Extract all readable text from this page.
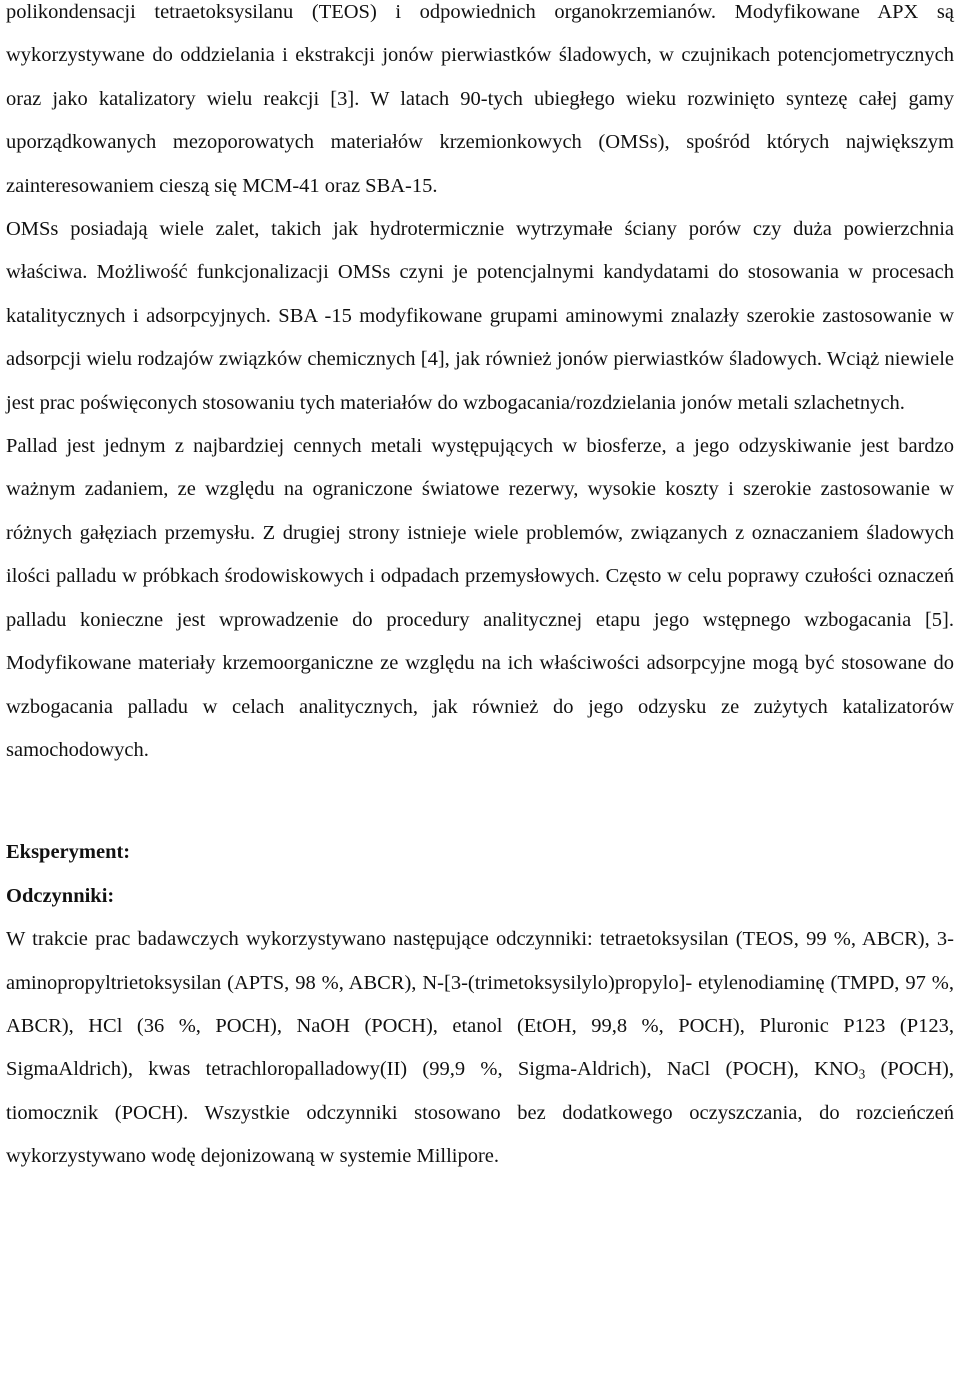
polikondensacji tetraetoksysilanu (TEOS) i odpowiednich organokrzemianów. Modyfikowane APX są wykorzystywane do oddzielania i ekstrakcji jonów pierwiastków śladowych, w czujnikach potencjometrycznych oraz jako katalizatory wielu reakcji [3]. W latach 90-tych ubiegłego wieku rozwinięto syntezę całej gamy uporządkowanych mezoporowatych materiałów krzemionkowych (OMSs), spośród których największym zainteresowaniem cieszą się MCM-41 oraz SBA-15.

OMSs posiadają wiele zalet, takich jak hydrotermicznie wytrzymałe ściany porów czy duża powierzchnia właściwa. Możliwość funkcjonalizacji OMSs czyni je potencjalnymi kandydatami do stosowania w procesach katalitycznych i adsorpcyjnych. SBA -15 modyfikowane grupami aminowymi znalazły szerokie zastosowanie w adsorpcji wielu rodzajów związków chemicznych [4], jak również jonów pierwiastków śladowych. Wciąż niewiele jest prac poświęconych stosowaniu tych materiałów do wzbogacania/rozdzielania jonów metali szlachetnych.

Pallad jest jednym z najbardziej cennych metali występujących w biosferze, a jego odzyskiwanie jest bardzo ważnym zadaniem, ze względu na ograniczone światowe rezerwy, wysokie koszty i szerokie zastosowanie w różnych gałęziach przemysłu. Z drugiej strony istnieje wiele problemów, związanych z oznaczaniem śladowych ilości palladu w próbkach środowiskowych i odpadach przemysłowych. Często w celu poprawy czułości oznaczeń palladu konieczne jest wprowadzenie do procedury analitycznej etapu jego wstępnego wzbogacania [5]. Modyfikowane materiały krzemoorganiczne ze względu na ich właściwości adsorpcyjne mogą być stosowane do wzbogacania palladu w celach analitycznych, jak również do jego odzysku ze zużytych katalizatorów samochodowych.

Eksperyment:

Odczynniki:

W trakcie prac badawczych wykorzystywano następujące odczynniki: tetraetoksysilan (TEOS, 99 %, ABCR), 3-aminopropyltrietoksysilan (APTS, 98 %, ABCR), N-[3-(trimetoksysilylo)propylo]- etylenodiaminę (TMPD, 97 %, ABCR), HCl (36 %, POCH), NaOH (POCH), etanol (EtOH, 99,8 %, POCH), Pluronic P123 (P123, SigmaAldrich), kwas tetrachloropalladowy(II) (99,9 %, Sigma-Aldrich), NaCl (POCH), $KNO_3$ (POCH), tiomocznik (POCH). Wszystkie odczynniki stosowano bez dodatkowego oczyszczania, do rozcieńczeń wykorzystywano wodę dejonizowaną w systemie Millipore.
